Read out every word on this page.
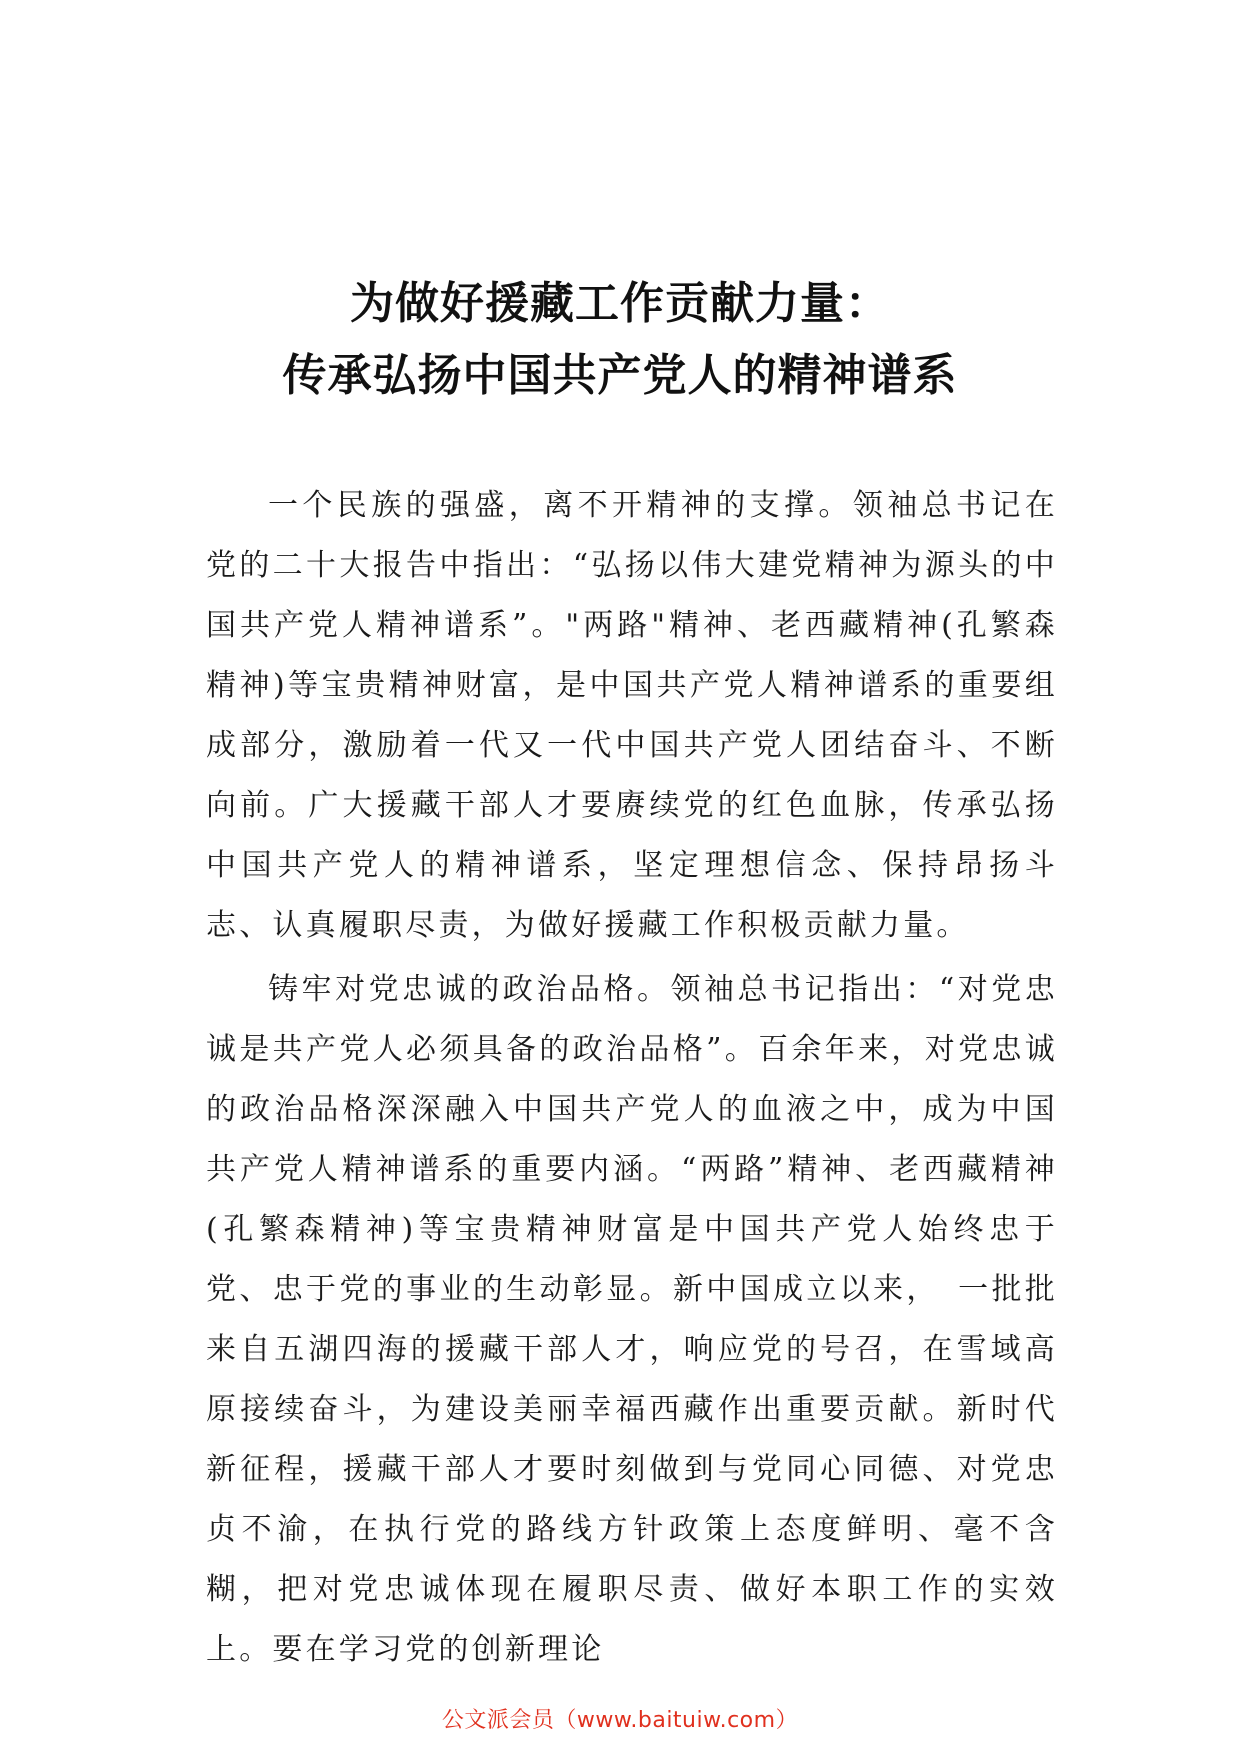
为做好援藏工作贡献力量：
传承弘扬中国共产党人的精神谱系

一个民族的强盛，离不开精神的支撑。领袖总书记在党的二十大报告中指出：“弘扬以伟大建党精神为源头的中国共产党人精神谱系”。"两路"精神、老西藏精神(孔繁森精神)等宝贵精神财富，是中国共产党人精神谱系的重要组成部分，激励着一代又一代中国共产党人团结奋斗、不断向前。广大援藏干部人才要赓续党的红色血脉，传承弘扬中国共产党人的精神谱系，坚定理想信念、保持昂扬斗志、认真履职尽责，为做好援藏工作积极贡献力量。

铸牢对党忠诚的政治品格。领袖总书记指出：“对党忠诚是共产党人必须具备的政治品格”。百余年来，对党忠诚的政治品格深深融入中国共产党人的血液之中，成为中国共产党人精神谱系的重要内涵。“两路”精神、老西藏精神(孔繁森精神)等宝贵精神财富是中国共产党人始终忠于党、忠于党的事业的生动彰显。新中国成立以来，　一批批来自五湖四海的援藏干部人才，响应党的号召，在雪域高原接续奋斗，为建设美丽幸福西藏作出重要贡献。新时代新征程，援藏干部人才要时刻做到与党同心同德、对党忠贞不渝，在执行党的路线方针政策上态度鲜明、毫不含糊，把对党忠诚体现在履职尽责、做好本职工作的实效上。要在学习党的创新理论

公文派会员（www.baituiw.com）
